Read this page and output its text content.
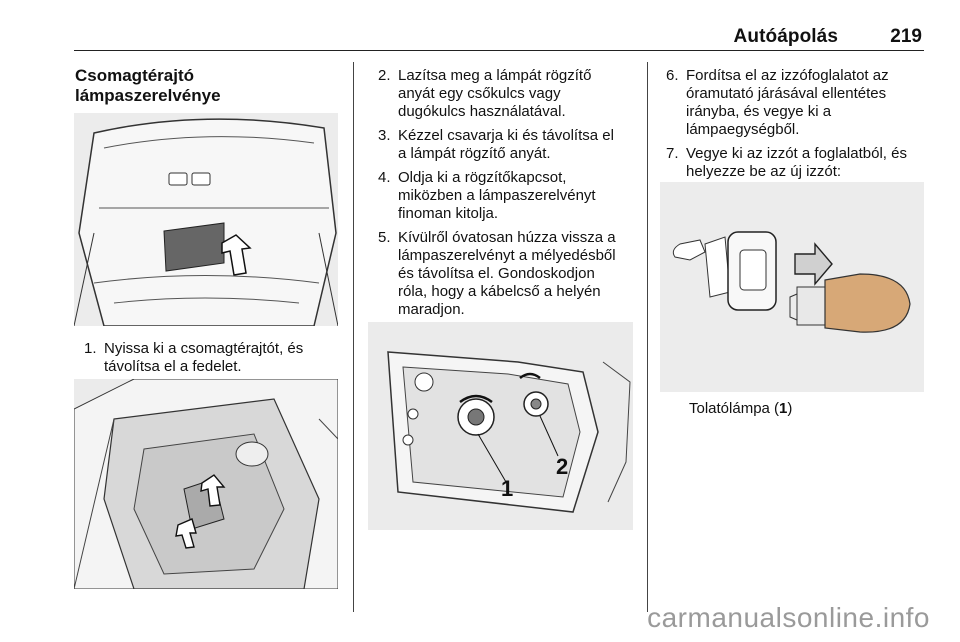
Autóápolás	219
Csomagtérajtó
lámpaszerelvénye
1. Nyissa ki a csomagtérajtót, és
távolítsa el a fedelet.
2. Lazítsa meg a lámpát rögzítő
anyát egy csőkulcs vagy
dugókulcs használatával.
3. Kézzel csavarja ki és távolítsa el
a lámpát rögzítő anyát.
4. Oldja ki a rögzítőkapcsot,
miközben a lámpaszerelvényt
finoman kitolja.
5. Kívülről óvatosan húzza vissza a
lámpaszerelvényt a mélyedésből
és távolítsa el. Gondoskodjon
róla, hogy a kábelcső a helyén
maradjon.
1
2
6. Fordítsa el az izzófoglalatot az
óramutató járásával ellentétes
irányba, és vegye ki a
lámpaegységből.
7. Vegye ki az izzót a foglalatból, és
helyezze be az új izzót:
Tolatólámpa (1)
carmanualsonline.info
